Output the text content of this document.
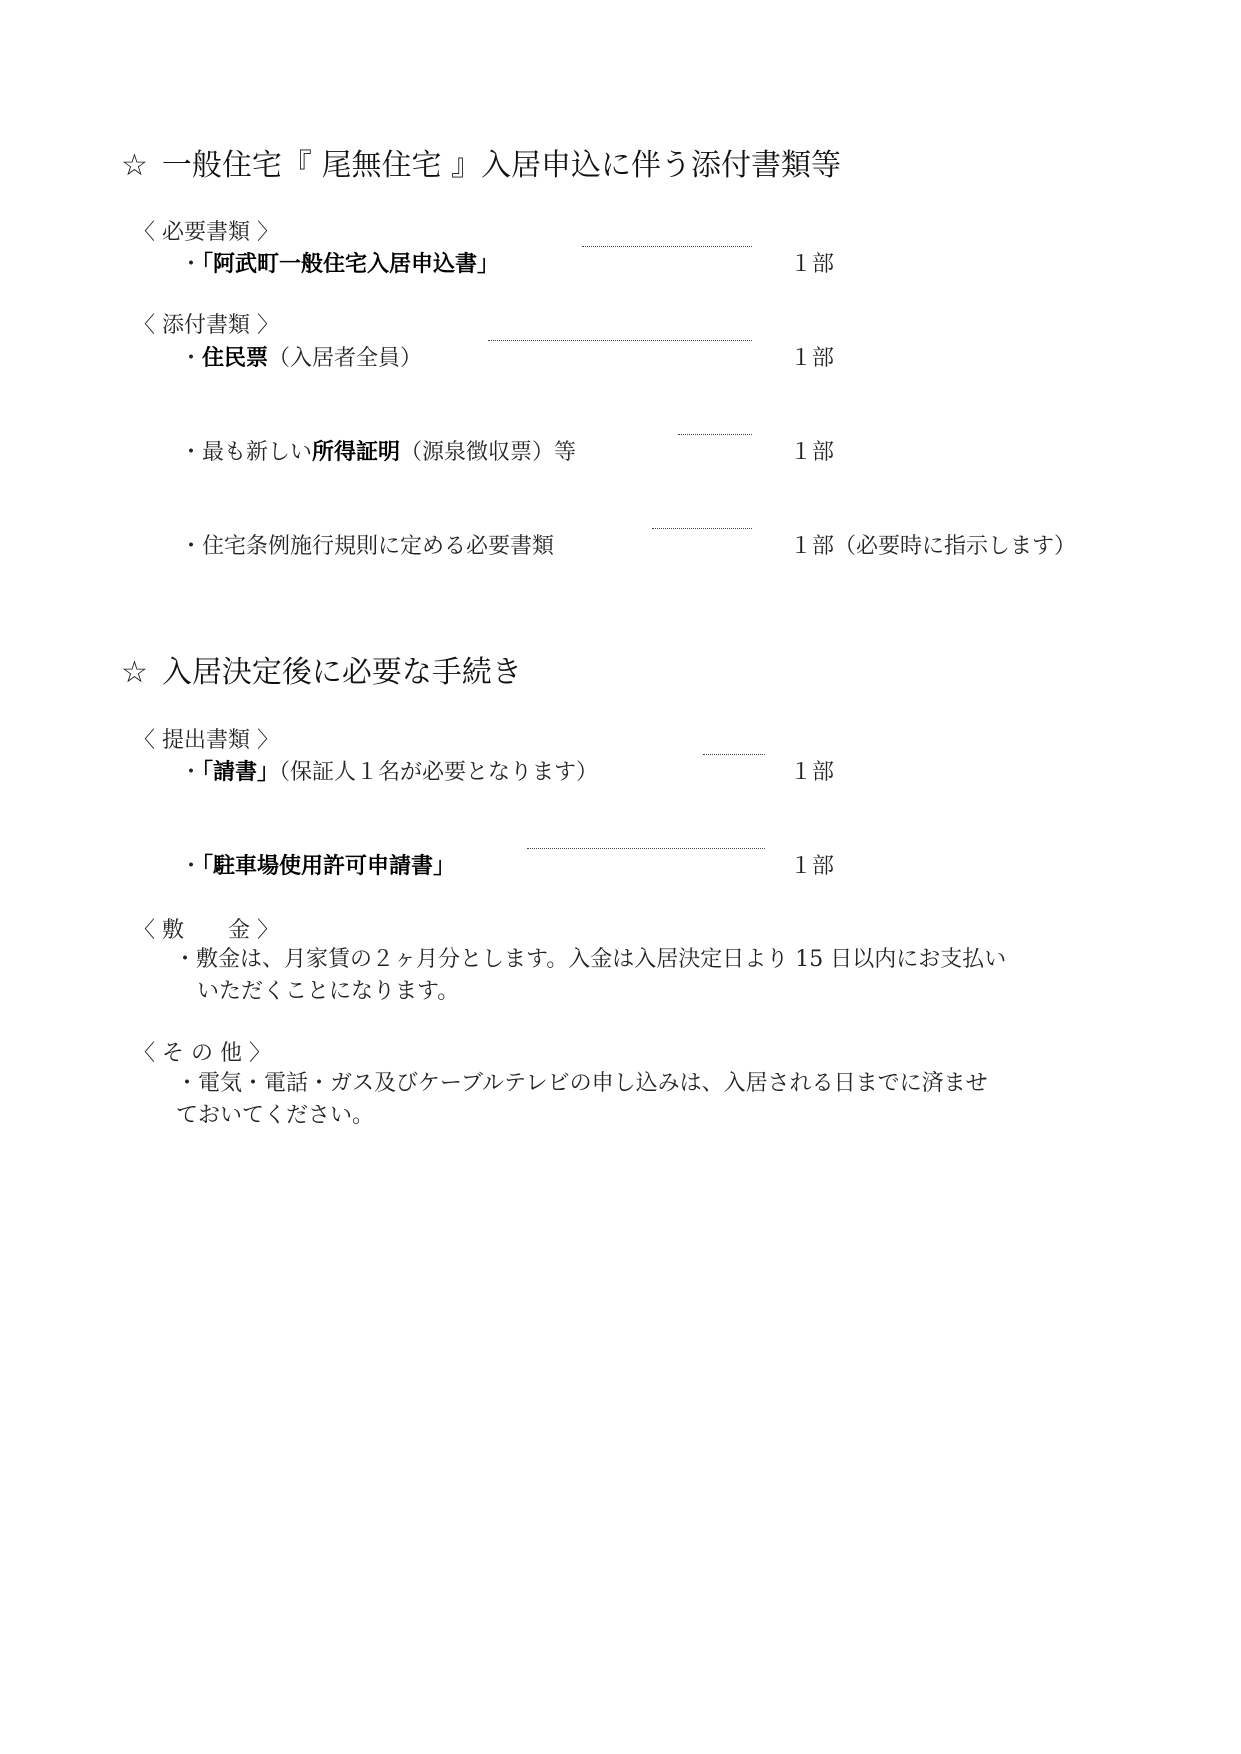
☆ 一般住宅『 尾無住宅 』入居申込に伴う添付書類等
〈 必要書類 〉
・「阿武町一般住宅入居申込書」	１部
〈 添付書類 〉
・住民票（入居者全員）	１部
・最も新しい所得証明（源泉徴収票）等	１部
・住宅条例施行規則に定める必要書類	１部（必要時に指示します）
☆ 入居決定後に必要な手続き
〈 提出書類 〉
・「請書」（保証人１名が必要となります）	１部
・「駐車場使用許可申請書」	１部
〈 敷　　金 〉
・敷金は、月家賃の２ヶ月分とします。入金は入居決定日より 15 日以内にお支払い
いただくことになります。
〈 そ の 他 〉
・電気・電話・ガス及びケーブルテレビの申し込みは、入居される日までに済ませ
ておいてください。
